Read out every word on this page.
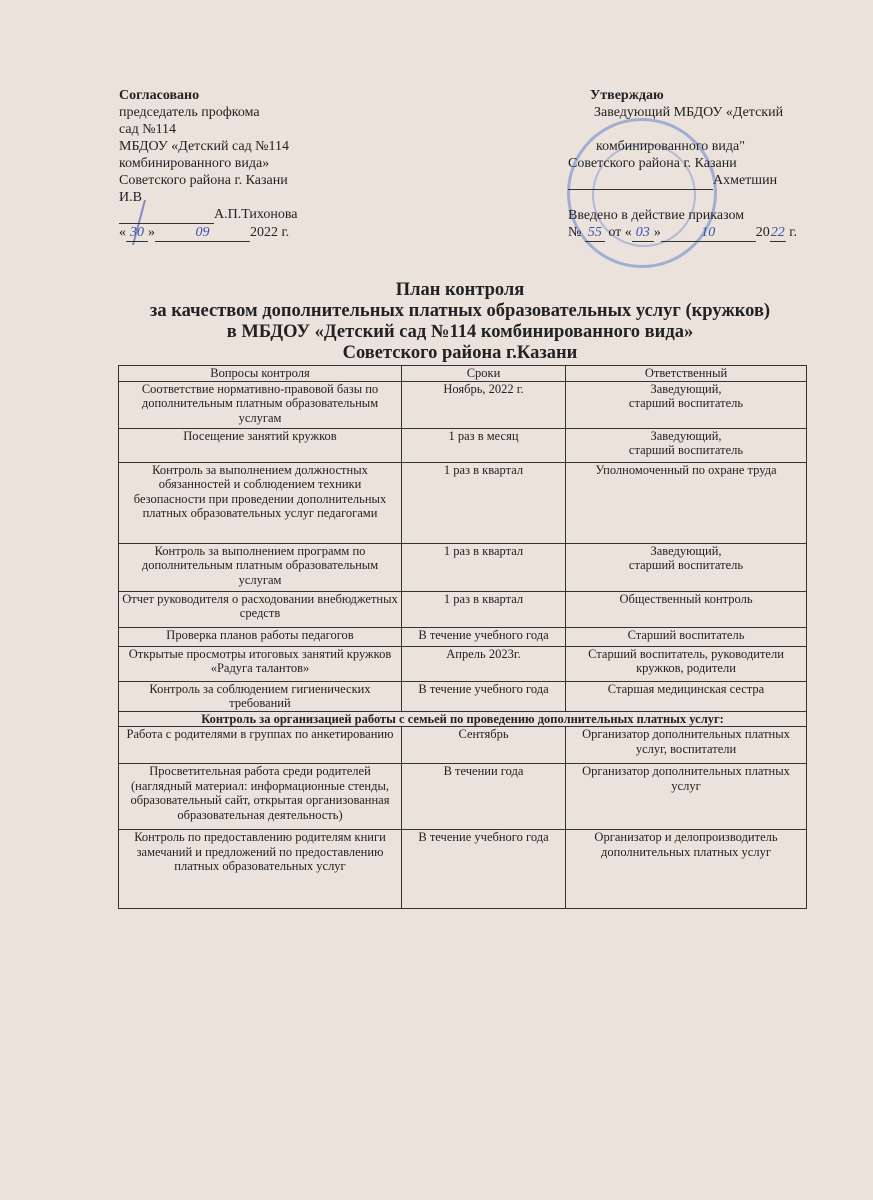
Согласовано
председатель профкома
сад №114
МБДОУ «Детский сад №114
комбинированного вида»
Советского района г. Казани
И.В
А.П.Тихонова
« 30 »	09	2022 г.
Утверждаю
Заведующий МБДОУ «Детский
комбинированного вида"
Советского района г. Казани
Ахметшин
Введено в действие приказом
№ 55 от « 03 »	10	2022 г.
План контроля
за качеством дополнительных платных образовательных услуг (кружков)
в МБДОУ «Детский сад №114 комбинированного вида»
Советского района г.Казани
Вопросы контроля	Сроки	Ответственный
Соответствие нормативно-правовой базы по дополнительным платным образовательным услугам	Ноябрь, 2022 г.	Заведующий,
старший воспитатель
Посещение занятий кружков	1 раз в месяц	Заведующий,
старший воспитатель
Контроль за выполнением должностных обязанностей и соблюдением техники безопасности при проведении дополнительных платных образовательных услуг педагогами	1 раз в квартал	Уполномоченный по охране труда
Контроль за выполнением программ по дополнительным платным образовательным услугам	1 раз в квартал	Заведующий,
старший воспитатель
Отчет руководителя о расходовании внебюджетных средств	1 раз в квартал	Общественный контроль
Проверка планов работы педагогов	В течение учебного года	Старший воспитатель
Открытые просмотры итоговых занятий кружков «Радуга талантов»	Апрель 2023г.	Старший воспитатель, руководители кружков, родители
Контроль за соблюдением гигиенических требований	В течение учебного года	Старшая медицинская сестра
Контроль за организацией работы с семьей по проведению дополнительных платных услуг:		
Работа с родителями в группах по анкетированию	Сентябрь	Организатор дополнительных платных услуг, воспитатели
Просветительная работа среди родителей (наглядный материал: информационные стенды, образовательный сайт, открытая организованная образовательная деятельность)	В течении года	Организатор дополнительных платных услуг
Контроль по предоставлению родителям книги замечаний и предложений по предоставлению платных образовательных услуг	В течение учебного года	Организатор и делопроизводитель дополнительных платных услуг
